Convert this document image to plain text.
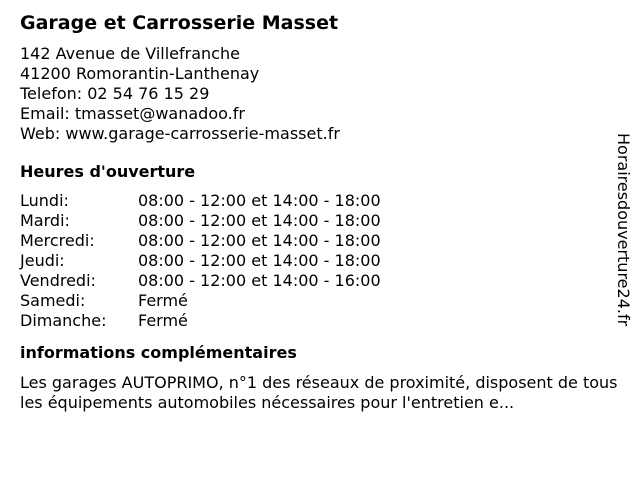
Garage et Carrosserie Masset
142 Avenue de Villefranche
41200 Romorantin-Lanthenay
Telefon: 02 54 76 15 29
Email: tmasset@wanadoo.fr
Web: www.garage-carrosserie-masset.fr
Heures d'ouverture
Lundi:	08:00 - 12:00 et 14:00 - 18:00
Mardi:	08:00 - 12:00 et 14:00 - 18:00
Mercredi:	08:00 - 12:00 et 14:00 - 18:00
Jeudi:	08:00 - 12:00 et 14:00 - 18:00
Vendredi:	08:00 - 12:00 et 14:00 - 16:00
Samedi:	Fermé
Dimanche:	Fermé
informations complémentaires
Les garages AUTOPRIMO, n°1 des réseaux de proximité, disposent de tous les équipements automobiles nécessaires pour l'entretien e...
Horairesdouverture24.fr
